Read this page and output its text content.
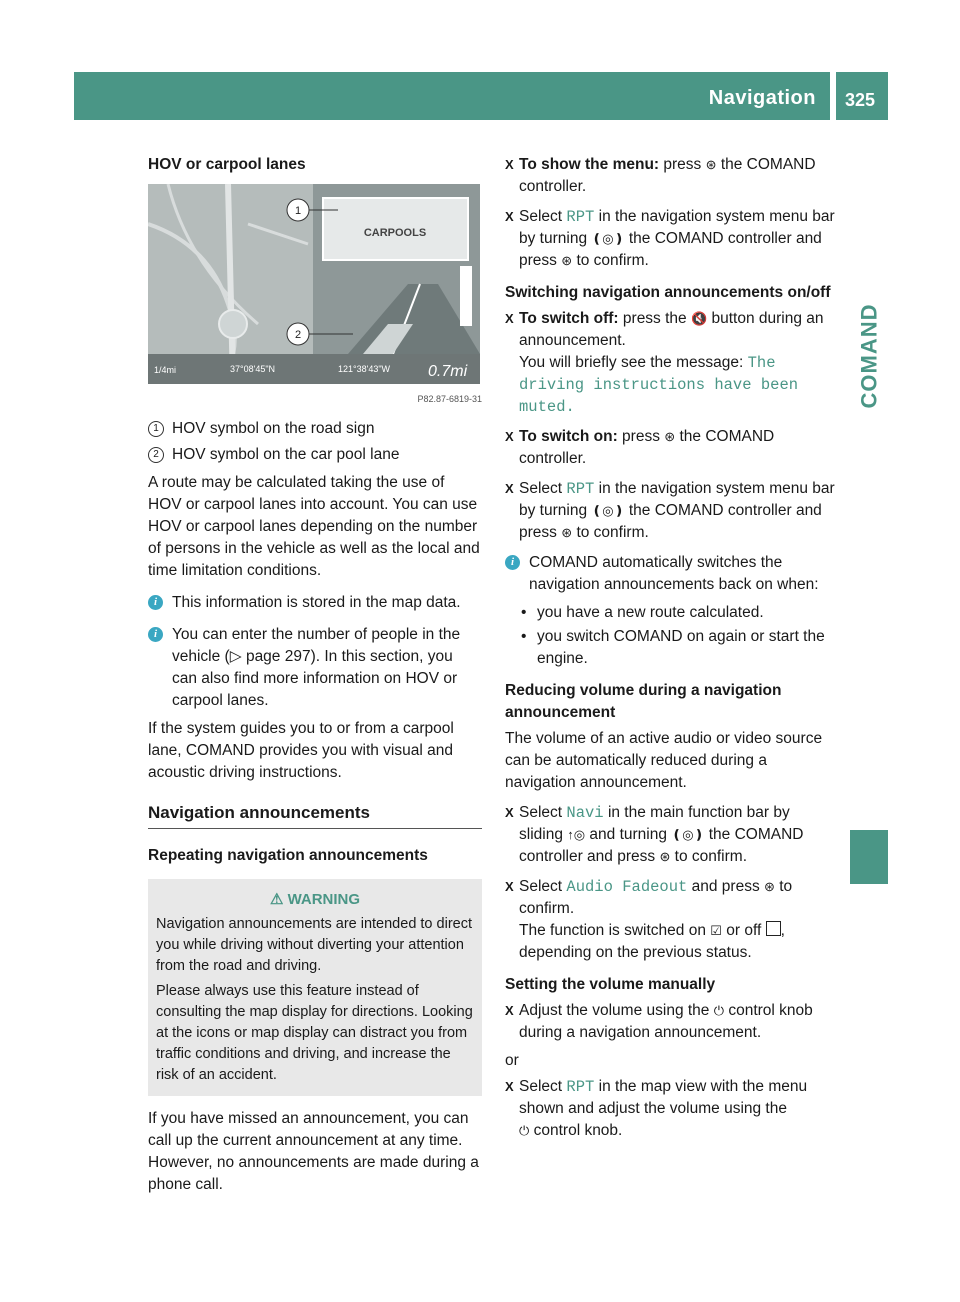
Navigation 325
COMAND

HOV or carpool lanes

CARPOOLS
1/4mi	37°08'45"N	121°38'43"W 0.7mi
1
2
P82.87-6819-31
1 HOV symbol on the road sign
2 HOV symbol on the car pool lane

A route may be calculated taking the use of HOV or carpool lanes into account. You can use HOV or carpool lanes depending on the number of persons in the vehicle as well as the local and time limitation conditions.

i This information is stored in the map data.
i You can enter the number of people in the vehicle (▷ page 297). In this section, you can also find more information on HOV or carpool lanes.

If the system guides you to or from a carpool lane, COMAND provides you with visual and acoustic driving instructions.

Navigation announcements

Repeating navigation announcements

⚠ WARNING

Navigation announcements are intended to direct you while driving without diverting your attention from the road and driving.

Please always use this feature instead of consulting the map display for directions. Looking at the icons or map display can distract you from traffic conditions and driving, and increase the risk of an accident.

If you have missed an announcement, you can call up the current announcement at any time. However, no announcements are made during a phone call.

X To show the menu: press ⊛ the COMAND controller.
X Select RPT in the navigation system menu bar by turning ❪◎❫ the COMAND controller and press ⊛ to confirm.

Switching navigation announcements on/off

X To switch off: press the 🔇 button during an announcement.
You will briefly see the message: The driving instructions have been muted.
X To switch on: press ⊛ the COMAND controller.
X Select RPT in the navigation system menu bar by turning ❪◎❫ the COMAND controller and press ⊛ to confirm.
i COMAND automatically switches the navigation announcements back on when:
• you have a new route calculated.
• you switch COMAND on again or start the engine.

Reducing volume during a navigation announcement

The volume of an active audio or video source can be automatically reduced during a navigation announcement.

X Select Navi in the main function bar by sliding ↑◎ and turning ❪◎❫ the COMAND controller and press ⊛ to confirm.
X Select Audio Fadeout and press ⊛ to confirm.
The function is switched on ☑ or off , depending on the previous status.

Setting the volume manually

X Adjust the volume using the ⏻ control knob during a navigation announcement.

or

X Select RPT in the map view with the menu shown and adjust the volume using the
⏻ control knob.
